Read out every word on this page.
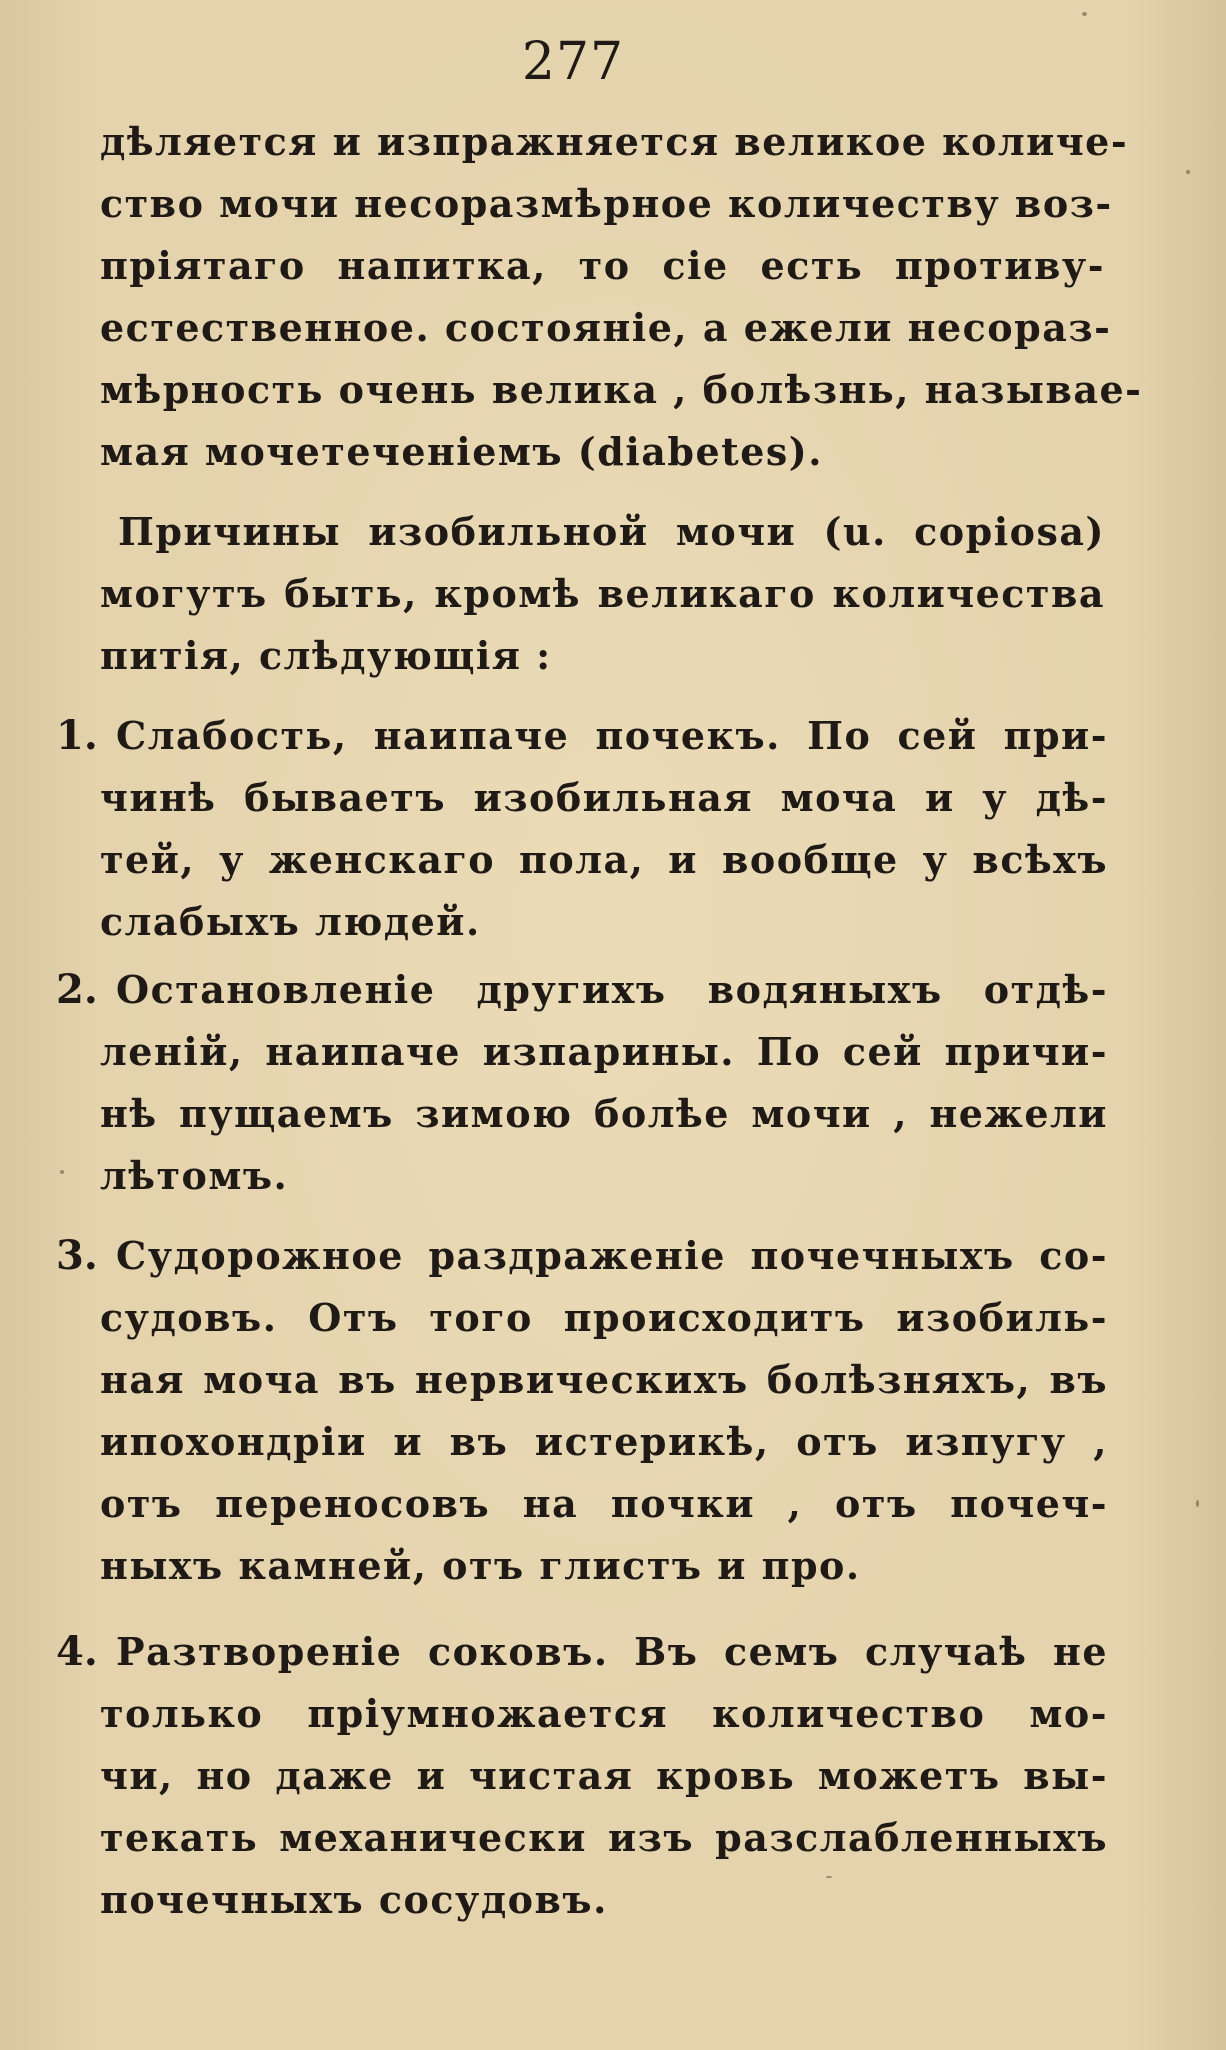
277
дѣляется и изпражняется великое количе-
ство мочи несоразмѣрное количеству воз-
пріятаго напитка, то сіе есть противу-
естественное. состояніе, а ежели несораз-
мѣрность очень велика , болѣзнь, называе-
мая мочетеченіемъ (diabetes).
Причины изобильной мочи (u. copiosa)
могутъ быть, кромѣ великаго количества
питія, слѣдующія :
1. Слабость, наипаче почекъ. По сей при-
чинѣ бываетъ изобильная моча и у дѣ-
тей, у женскаго пола, и вообще у всѣхъ
слабыхъ людей.
2. Остановленіе другихъ водяныхъ отдѣ-
леній, наипаче изпарины. По сей причи-
нѣ пущаемъ зимою болѣе мочи , нежели
лѣтомъ.
3. Судорожное раздраженіе почечныхъ со-
судовъ. Отъ того происходитъ изобиль-
ная моча въ нервическихъ болѣзняхъ, въ
ипохондріи и въ истерикѣ, отъ изпугу ,
отъ переносовъ на почки , отъ почеч-
ныхъ камней, отъ глистъ и про.
4. Разтвореніе соковъ. Въ семъ случаѣ не
только пріумножается количество мо-
чи, но даже и чистая кровь можетъ вы-
текать механически изъ разслабленныхъ
почечныхъ сосудовъ.
